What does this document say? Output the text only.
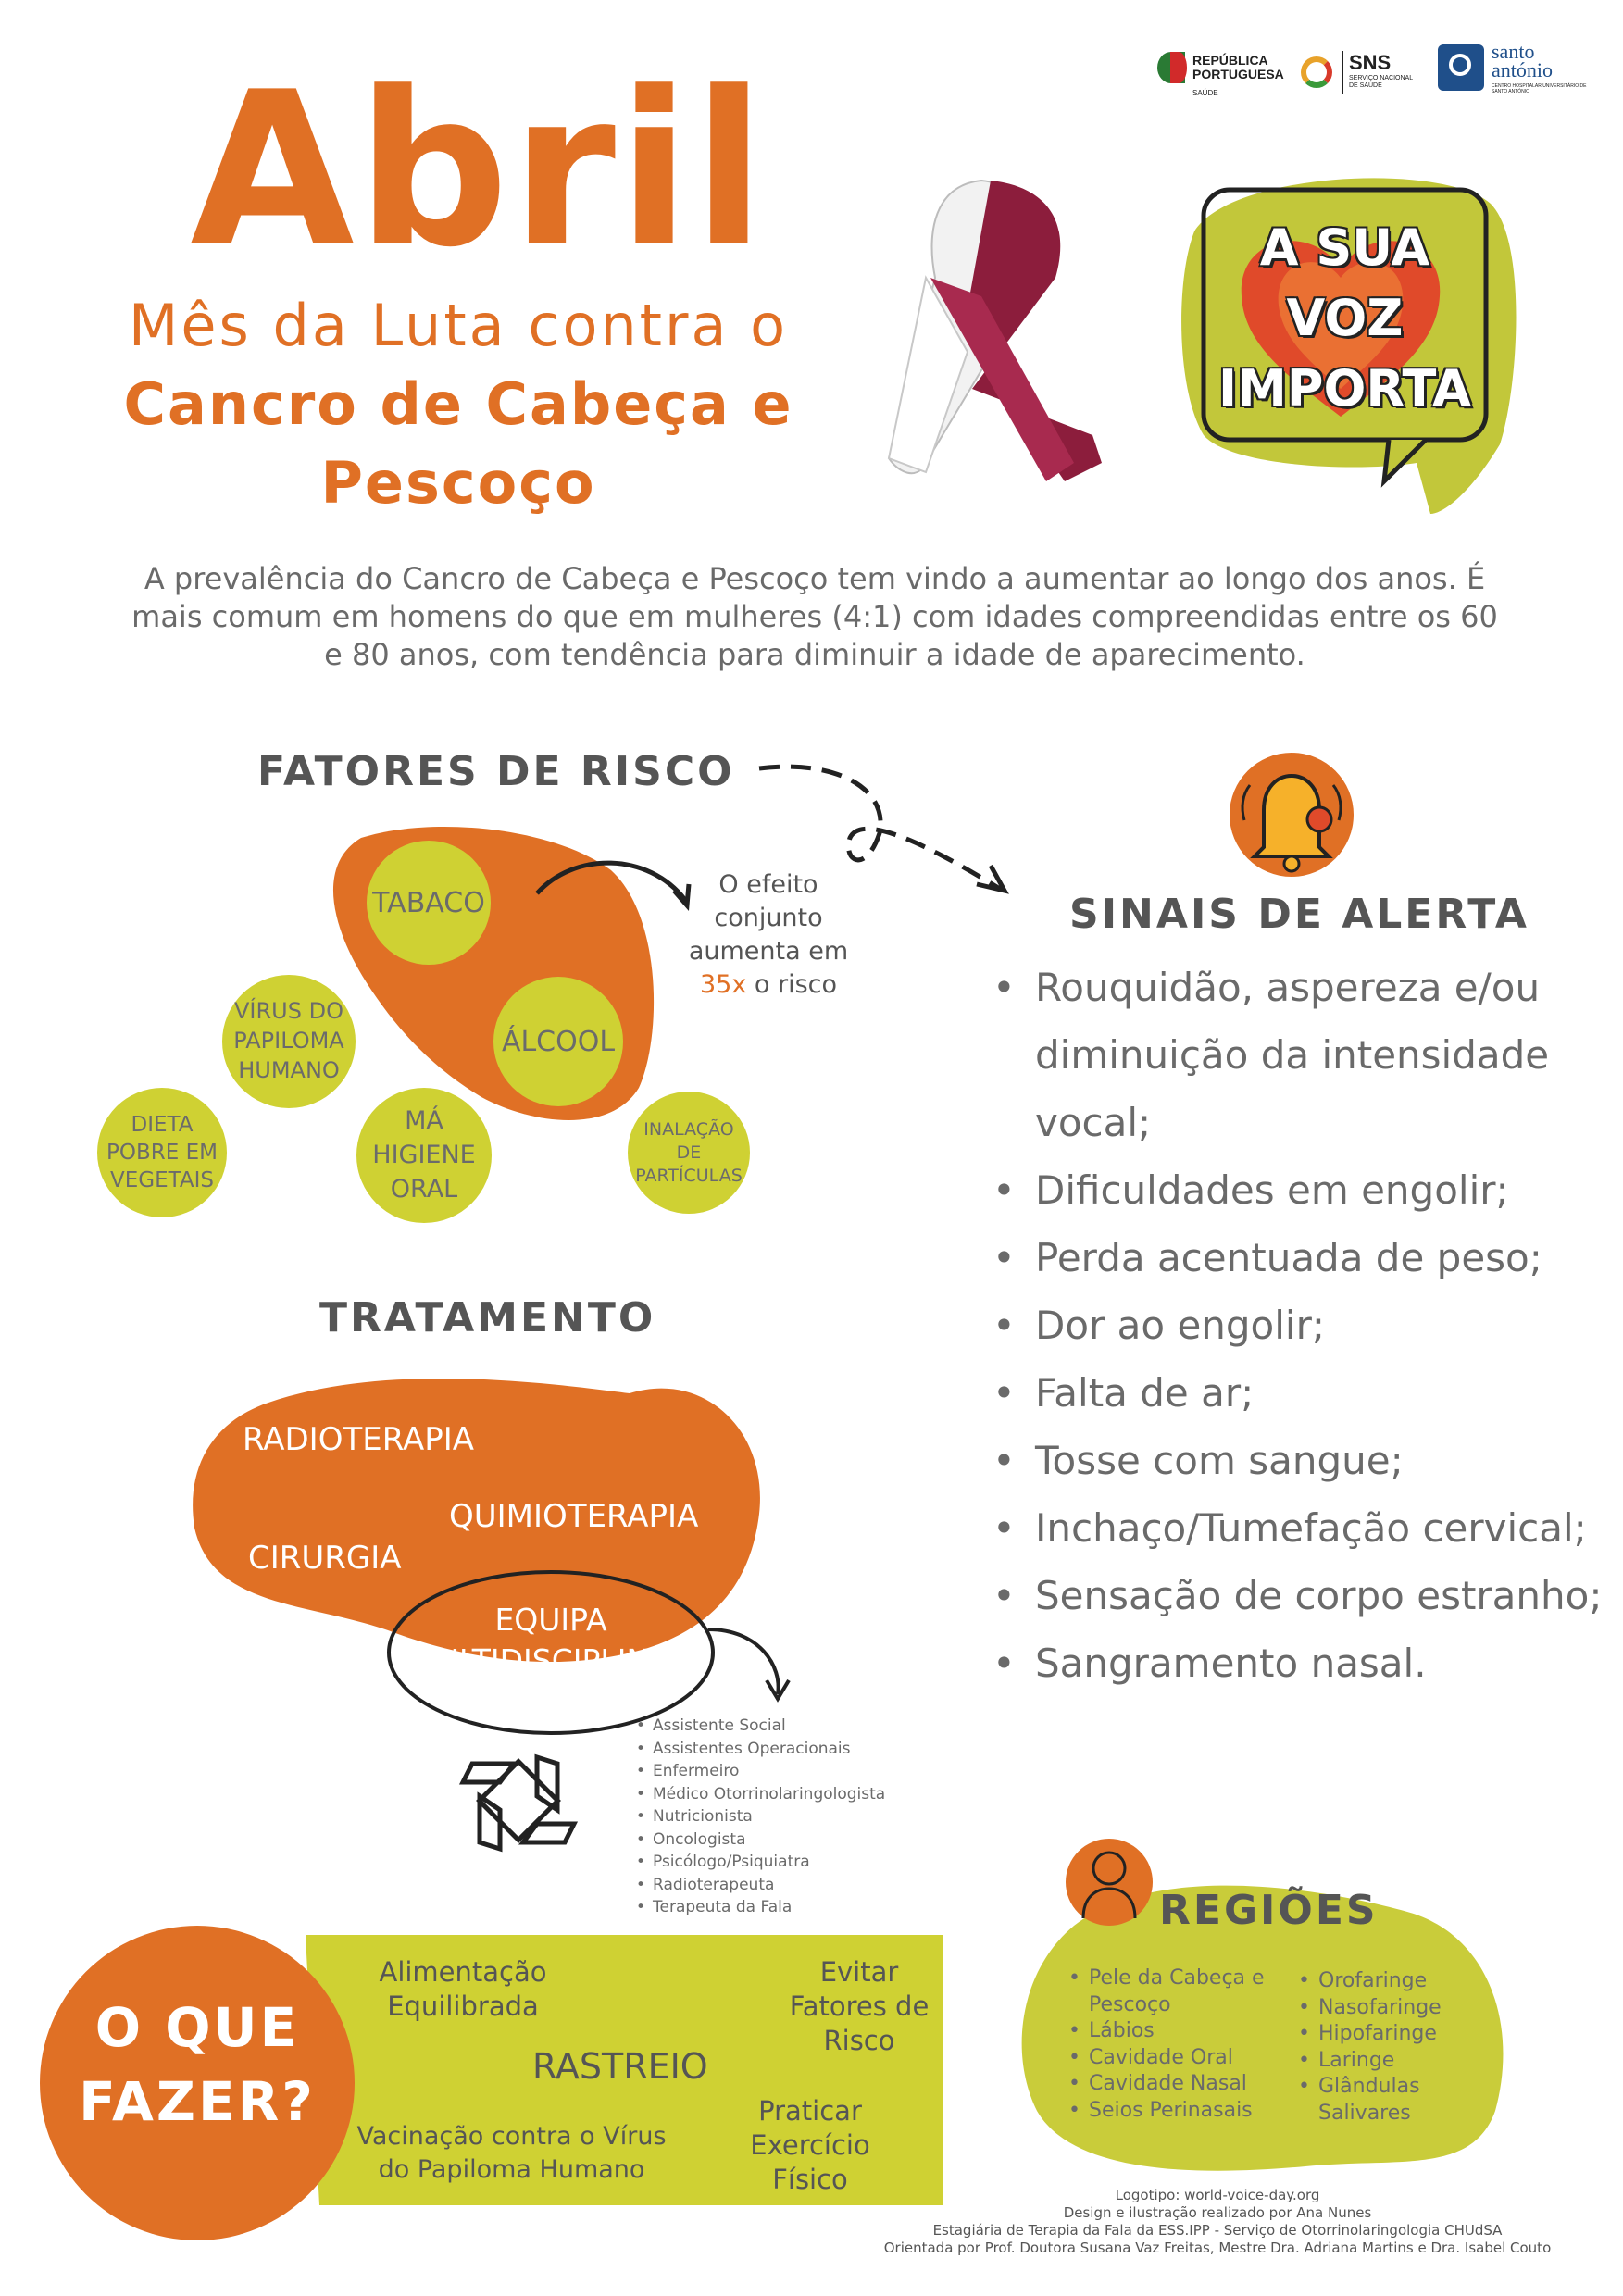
REPÚBLICA PORTUGUESA
SAÚDE
SNS
SERVIÇO NACIONAL DE SAÚDE
santo antónio
CENTRO HOSPITALAR UNIVERSITÁRIO DE SANTO ANTÓNIO
Abril
Mês da Luta contra o
Cancro de Cabeça e
Pescoço
A SUA
VOZ
IMPORTA
A prevalência do Cancro de Cabeça e Pescoço tem vindo a aumentar ao longo dos anos. É mais comum em homens do que em mulheres (4:1) com idades compreendidas entre os 60 e 80 anos, com tendência para diminuir a idade de aparecimento.
FATORES DE RISCO
TABACO
ÁLCOOL
VÍRUS DO
PAPILOMA
HUMANO
DIETA
POBRE EM
VEGETAIS
MÁ
HIGIENE
ORAL
INALAÇÃO
DE
PARTÍCULAS
O efeito
conjunto
aumenta em
35x o risco
SINAIS DE ALERTA
• Rouquidão, aspereza e/ou diminuição da intensidade vocal;
• Dificuldades em engolir;
• Perda acentuada de peso;
• Dor ao engolir;
• Falta de ar;
• Tosse com sangue;
• Inchaço/Tumefação cervical;
• Sensação de corpo estranho;
• Sangramento nasal.
TRATAMENTO
RADIOTERAPIA
QUIMIOTERAPIA
CIRURGIA
EQUIPA
MULTIDISCIPLINAR
• Assistente Social
• Assistentes Operacionais
• Enfermeiro
• Médico Otorrinolaringologista
• Nutricionista
• Oncologista
• Psicólogo/Psiquiatra
• Radioterapeuta
• Terapeuta da Fala
O QUE
FAZER?
Alimentação
Equilibrada
Evitar
Fatores de
Risco
RASTREIO
Vacinação contra o Vírus
do Papiloma Humano
Praticar
Exercício
Físico
REGIÕES
• Pele da Cabeça e Pescoço
• Lábios
• Cavidade Oral
• Cavidade Nasal
• Seios Perinasais
• Orofaringe
• Nasofaringe
• Hipofaringe
• Laringe
• Glândulas Salivares
Logotipo: world-voice-day.org
Design e ilustração realizado por Ana Nunes
Estagiária de Terapia da Fala da ESS.IPP - Serviço de Otorrinolaringologia CHUdSA
Orientada por Prof. Doutora Susana Vaz Freitas, Mestre Dra. Adriana Martins e Dra. Isabel Couto
